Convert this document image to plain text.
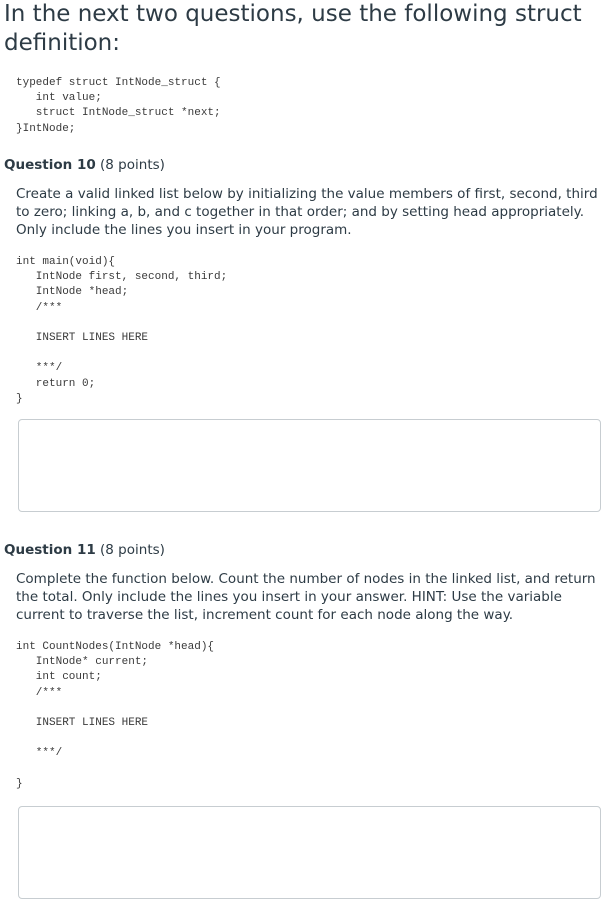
In the next two questions, use the following struct definition:
typedef struct IntNode_struct {
int value;
struct IntNode_struct *next;
}IntNode;
Question 10 (8 points)

Create a valid linked list below by initializing the value members of first, second, third to zero; linking a, b, and c together in that order; and by setting head appropriately. Only include the lines you insert in your program.

int main(void){
IntNode first, second, third;
IntNode *head;
/***

INSERT LINES HERE

***/
return 0;
}
Question 11 (8 points)

Complete the function below. Count the number of nodes in the linked list, and return the total. Only include the lines you insert in your answer. HINT: Use the variable current to traverse the list, increment count for each node along the way.

int CountNodes(IntNode *head){
IntNode* current;
int count;
/***

INSERT LINES HERE

***/

}
